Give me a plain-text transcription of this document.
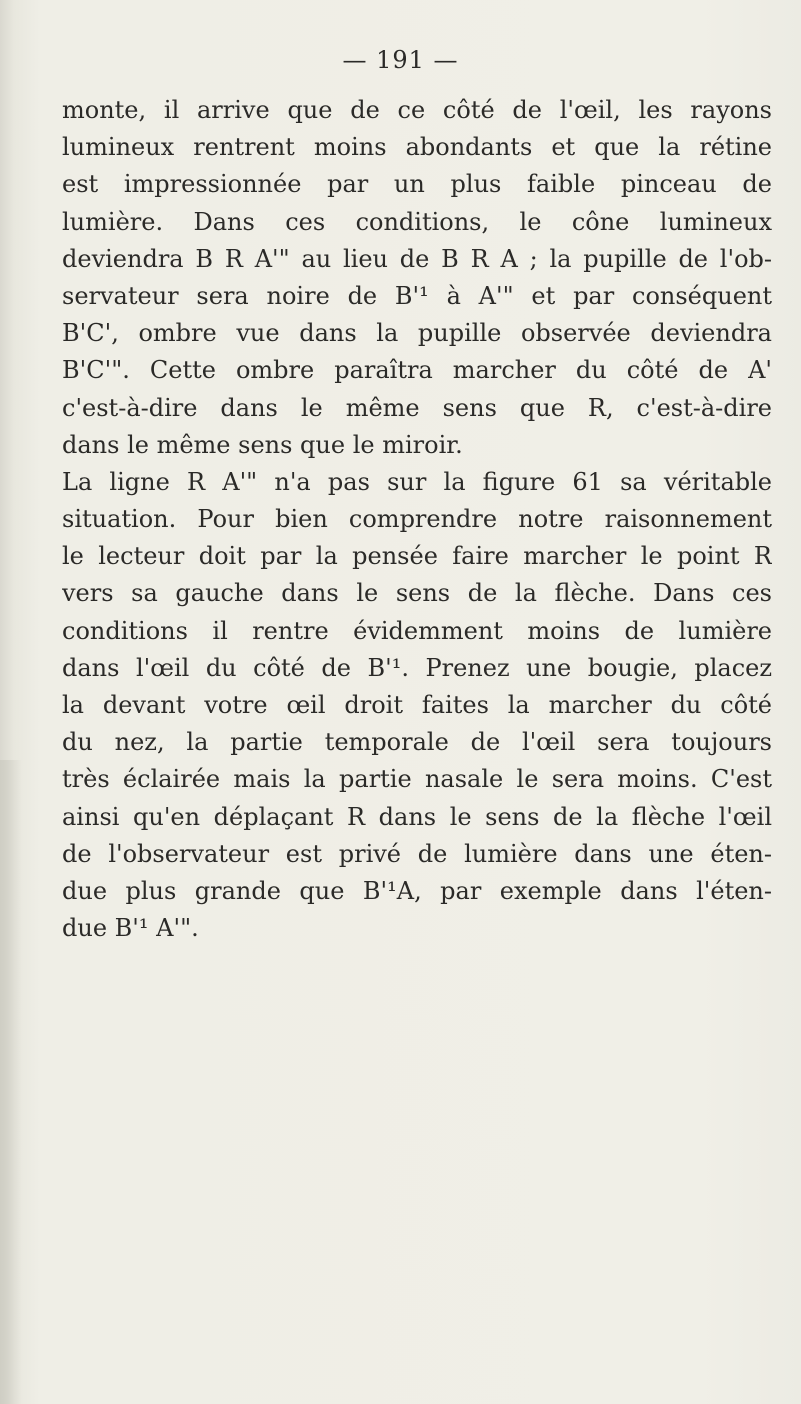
— 191 —
monte, il arrive que de ce côté de l'œil, les rayons
lumineux rentrent moins abondants et que la rétine
est impressionnée par un plus faible pinceau de
lumière. Dans ces conditions, le cône lumineux
deviendra B R A'" au lieu de B R A ; la pupille de l'ob-
servateur sera noire de B'¹ à A'" et par conséquent
B'C', ombre vue dans la pupille observée deviendra
B'C'". Cette ombre paraîtra marcher du côté de A'
c'est-à-dire dans le même sens que R, c'est-à-dire
dans le même sens que le miroir.
La ligne R A'" n'a pas sur la figure 61 sa véritable
situation. Pour bien comprendre notre raisonnement
le lecteur doit par la pensée faire marcher le point R
vers sa gauche dans le sens de la flèche. Dans ces
conditions il rentre évidemment moins de lumière
dans l'œil du côté de B'¹. Prenez une bougie, placez
la devant votre œil droit faites la marcher du côté
du nez, la partie temporale de l'œil sera toujours
très éclairée mais la partie nasale le sera moins. C'est
ainsi qu'en déplaçant R dans le sens de la flèche l'œil
de l'observateur est privé de lumière dans une éten-
due plus grande que B'¹A, par exemple dans l'éten-
due B'¹ A'".
